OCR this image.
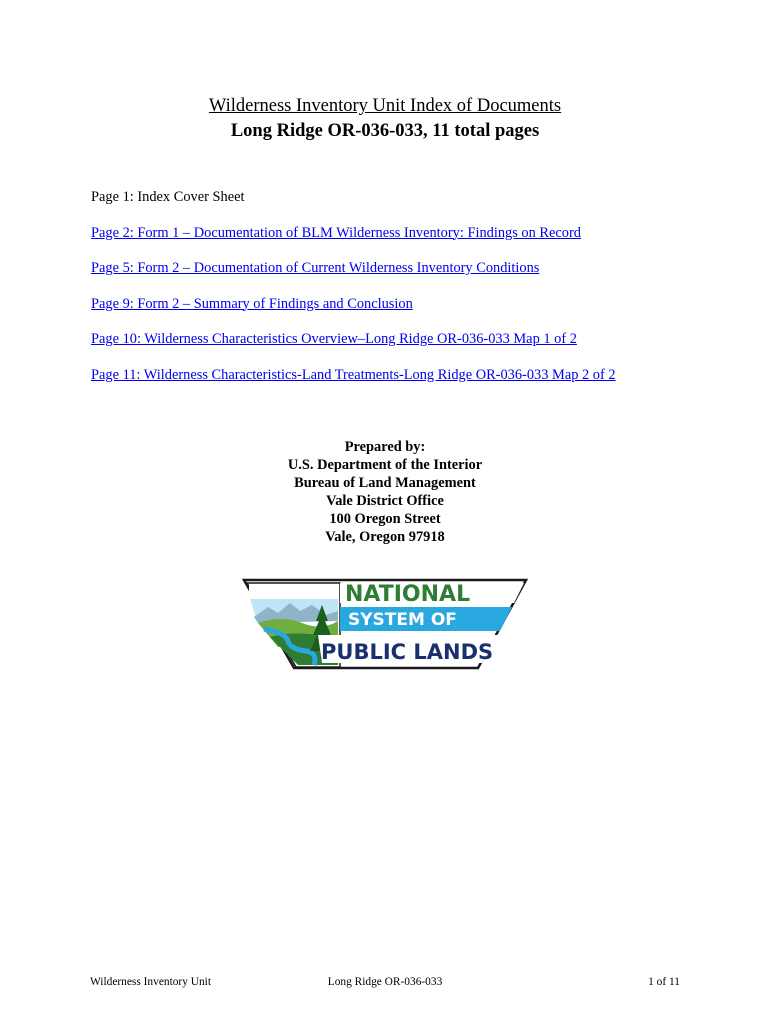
Wilderness Inventory Unit Index of Documents
Long Ridge OR-036-033, 11 total pages
Page 1: Index Cover Sheet
Page 2: Form 1 – Documentation of BLM Wilderness Inventory: Findings on Record
Page 5: Form 2 – Documentation of Current Wilderness Inventory Conditions
Page 9: Form 2 – Summary of Findings and Conclusion
Page 10: Wilderness Characteristics Overview–Long Ridge OR-036-033 Map 1 of 2
Page 11: Wilderness Characteristics-Land Treatments-Long Ridge OR-036-033 Map 2 of 2
Prepared by:
U.S. Department of the Interior
Bureau of Land Management
Vale District Office
100 Oregon Street
Vale, Oregon 97918
NATIONAL
SYSTEM OF
PUBLIC LANDS
Wilderness Inventory Unit	Long Ridge OR-036-033	1 of 11
